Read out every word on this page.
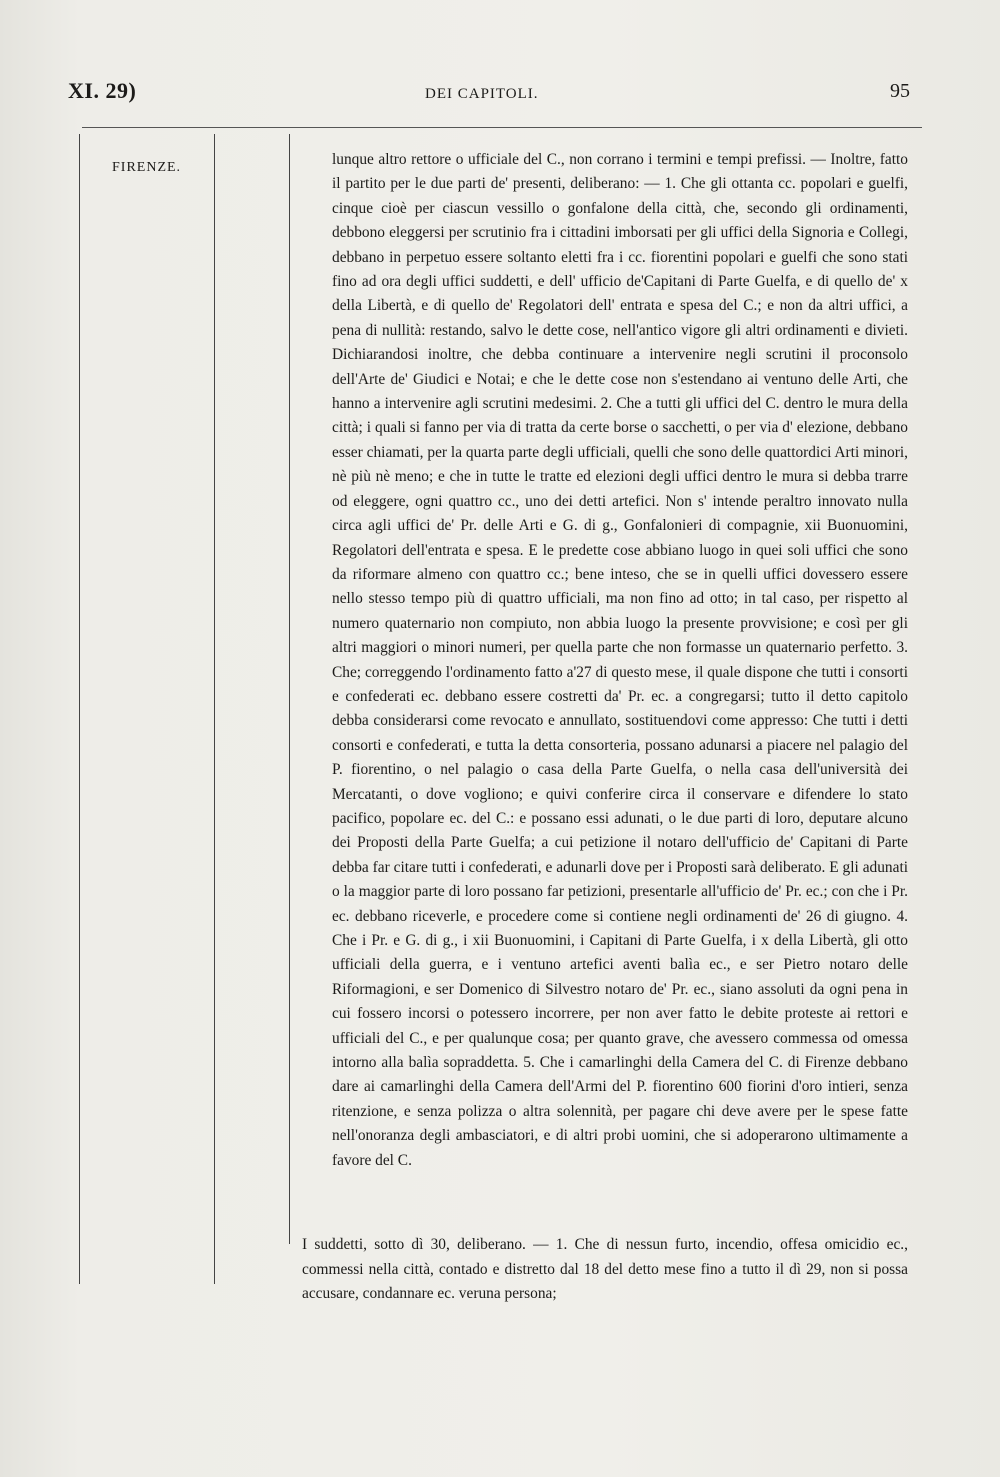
XI. 29)	DEI CAPITOLI.	95
FIRENZE.	lunque altro rettore o ufficiale del C., non corrano i termini e tempi prefissi. — Inoltre, fatto il partito per le due parti de' presenti, deliberano: — 1. Che gli ottanta cc. popolari e guelfi, cinque cioè per ciascun vessillo o gonfalone della città, che, secondo gli ordinamenti, debbono eleggersi per scrutinio fra i cittadini imborsati per gli uffici della Signoria e Collegi, debbano in perpetuo essere soltanto eletti fra i cc. fiorentini popolari e guelfi che sono stati fino ad ora degli uffici suddetti, e dell' ufficio de'Capitani di Parte Guelfa, e di quello de' x della Libertà, e di quello de' Regolatori dell' entrata e spesa del C.; e non da altri uffici, a pena di nullità: restando, salvo le dette cose, nell'antico vigore gli altri ordinamenti e divieti. Dichiarandosi inoltre, che debba continuare a intervenire negli scrutini il proconsolo dell'Arte de' Giudici e Notai; e che le dette cose non s'estendano ai ventuno delle Arti, che hanno a intervenire agli scrutini medesimi. 2. Che a tutti gli uffici del C. dentro le mura della città; i quali si fanno per via di tratta da certe borse o sacchetti, o per via d' elezione, debbano esser chiamati, per la quarta parte degli ufficiali, quelli che sono delle quattordici Arti minori, nè più nè meno; e che in tutte le tratte ed elezioni degli uffici dentro le mura si debba trarre od eleggere, ogni quattro cc., uno dei detti artefici. Non s' intende peraltro innovato nulla circa agli uffici de' Pr. delle Arti e G. di g., Gonfalonieri di compagnie, xii Buonuomini, Regolatori dell'entrata e spesa. E le predette cose abbiano luogo in quei soli uffici che sono da riformare almeno con quattro cc.; bene inteso, che se in quelli uffici dovessero essere nello stesso tempo più di quattro ufficiali, ma non fino ad otto; in tal caso, per rispetto al numero quaternario non compiuto, non abbia luogo la presente provvisione; e così per gli altri maggiori o minori numeri, per quella parte che non formasse un quaternario perfetto. 3. Che; correggendo l'ordinamento fatto a'27 di questo mese, il quale dispone che tutti i consorti e confederati ec. debbano essere costretti da' Pr. ec. a congregarsi; tutto il detto capitolo debba considerarsi come revocato e annullato, sostituendovi come appresso: Che tutti i detti consorti e confederati, e tutta la detta consorteria, possano adunarsi a piacere nel palagio del P. fiorentino, o nel palagio o casa della Parte Guelfa, o nella casa dell'università dei Mercatanti, o dove vogliono; e quivi conferire circa il conservare e difendere lo stato pacifico, popolare ec. del C.: e possano essi adunati, o le due parti di loro, deputare alcuno dei Proposti della Parte Guelfa; a cui petizione il notaro dell'ufficio de' Capitani di Parte debba far citare tutti i confederati, e adunarli dove per i Proposti sarà deliberato. E gli adunati o la maggior parte di loro possano far petizioni, presentarle all'ufficio de' Pr. ec.; con che i Pr. ec. debbano riceverle, e procedere come si contiene negli ordinamenti de' 26 di giugno. 4. Che i Pr. e G. di g., i xii Buonuomini, i Capitani di Parte Guelfa, i x della Libertà, gli otto ufficiali della guerra, e i ventuno artefici aventi balìa ec., e ser Pietro notaro delle Riformagioni, e ser Domenico di Silvestro notaro de' Pr. ec., siano assoluti da ogni pena in cui fossero incorsi o potessero incorrere, per non aver fatto le debite proteste ai rettori e ufficiali del C., e per qualunque cosa; per quanto grave, che avessero commessa od omessa intorno alla balìa sopraddetta. 5. Che i camarlinghi della Camera del C. di Firenze debbano dare ai camarlinghi della Camera dell'Armi del P. fiorentino 600 fiorini d'oro intieri, senza ritenzione, e senza polizza o altra solennità, per pagare chi deve avere per le spese fatte nell'onoranza degli ambasciatori, e di altri probi uomini, che si adoperarono ultimamente a favore del C.

I suddetti, sotto dì 30, deliberano. — 1. Che di nessun furto, incendio, offesa omicidio ec., commessi nella città, contado e distretto dal 18 del detto mese fino a tutto il dì 29, non si possa accusare, condannare ec. veruna persona;
